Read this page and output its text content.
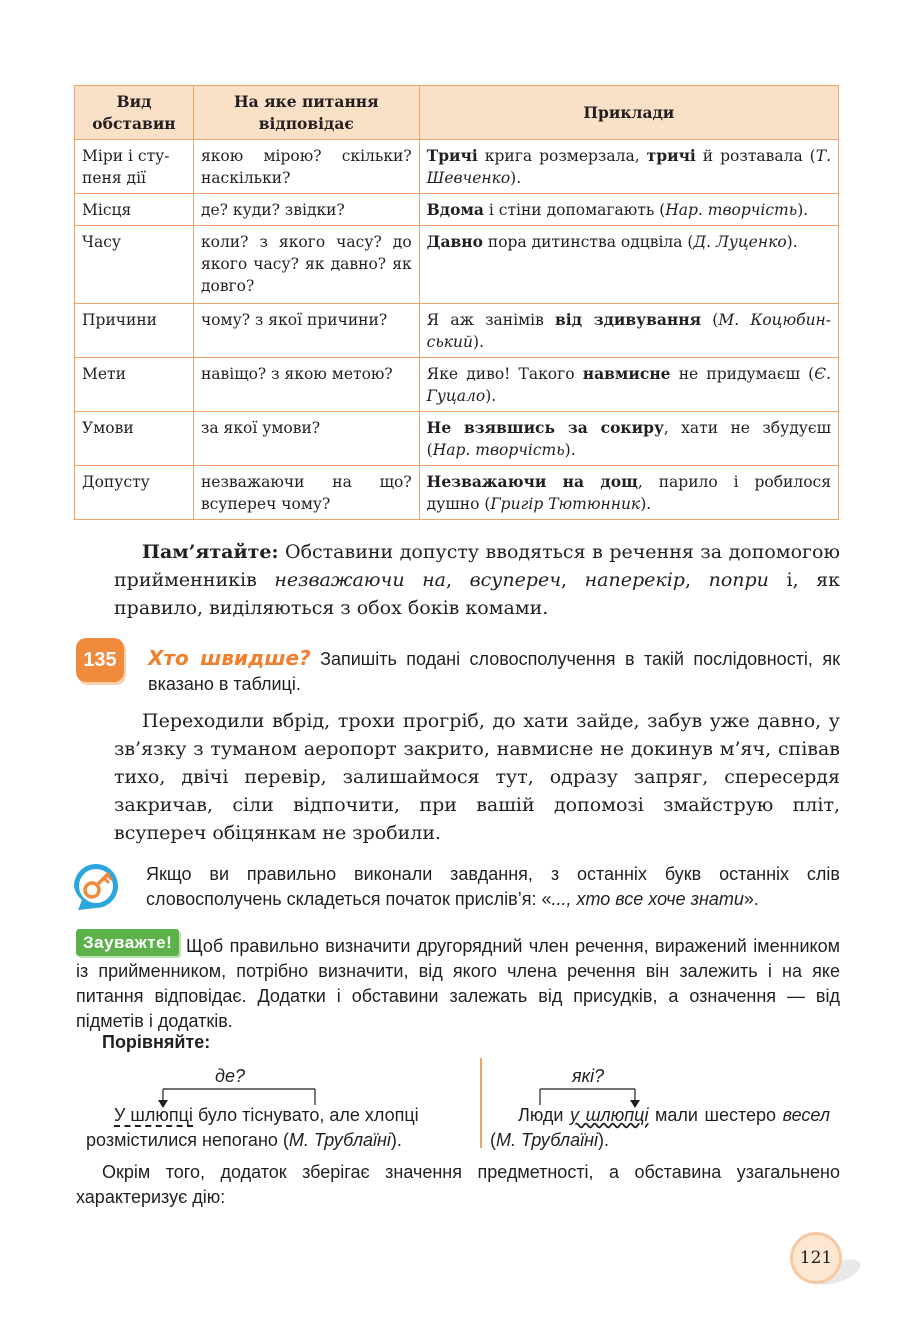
Вид обставин	На яке питання відповідає	Приклади
Міри і сту-пеня дії	якою мірою? скільки? наскільки?	Тричі крига розмерзала, тричі й розтавала (Т. Шевченко).
Місця	де? куди? звідки?	Вдома і стіни допомагають (Нар. творчість).
Часу	коли? з якого часу? до якого часу? як давно? як довго?	Давно пора дитинства одцвіла (Д. Луценко).
Причини	чому? з якої причини?	Я аж занімів від здивування (М. Коцюбин-ський).
Мети	навіщо? з якою метою?	Яке диво! Такого навмисне не придумаєш (Є. Гуцало).
Умови	за якої умови?	Не взявшись за сокиру, хати не збудуєш (Нар. творчість).
Допусту	незважаючи на що? всупереч чому?	Незважаючи на дощ, парило і робилося душно (Григір Тютюнник).
Пам’ятайте: Обставини допусту вводяться в речення за допомогою прийменників незважаючи на, всупереч, наперекір, попри і, як правило, виділяються з обох боків комами.
135	Хто швидше? Запишіть подані словосполучення в такій послідовності, як вказано в таблиці.
Переходили вбрід, трохи прогріб, до хати зайде, забув уже давно, у зв’язку з туманом аеропорт закрито, навмисне не докинув м’яч, співав тихо, двічі перевір, залишаймося тут, одразу запряг, спересердя закричав, сіли відпочити, при вашій допомозі змайструю пліт, всупереч обіцянкам не зробили.
Якщо ви правильно виконали завдання, з останніх букв останніх слів словосполучень складеться початок прислів’я: «..., хто все хоче знати».
Зауважте! Щоб правильно визначити другорядний член речення, виражений іменником із прийменником, потрібно визначити, від якого члена речення він залежить і на яке питання відповідає. Додатки і обставини залежать від присудків, а означення — від підметів і додатків.
Порівняйте:
де?
У шлюпці було тіснувато, але хлопці розмістилися непогано (М. Трублаїні).
які?
Люди у шлюпці мали шестеро весел (М. Трублаїні).
Окрім того, додаток зберігає значення предметності, а обставина узагальнено характеризує дію:
121
